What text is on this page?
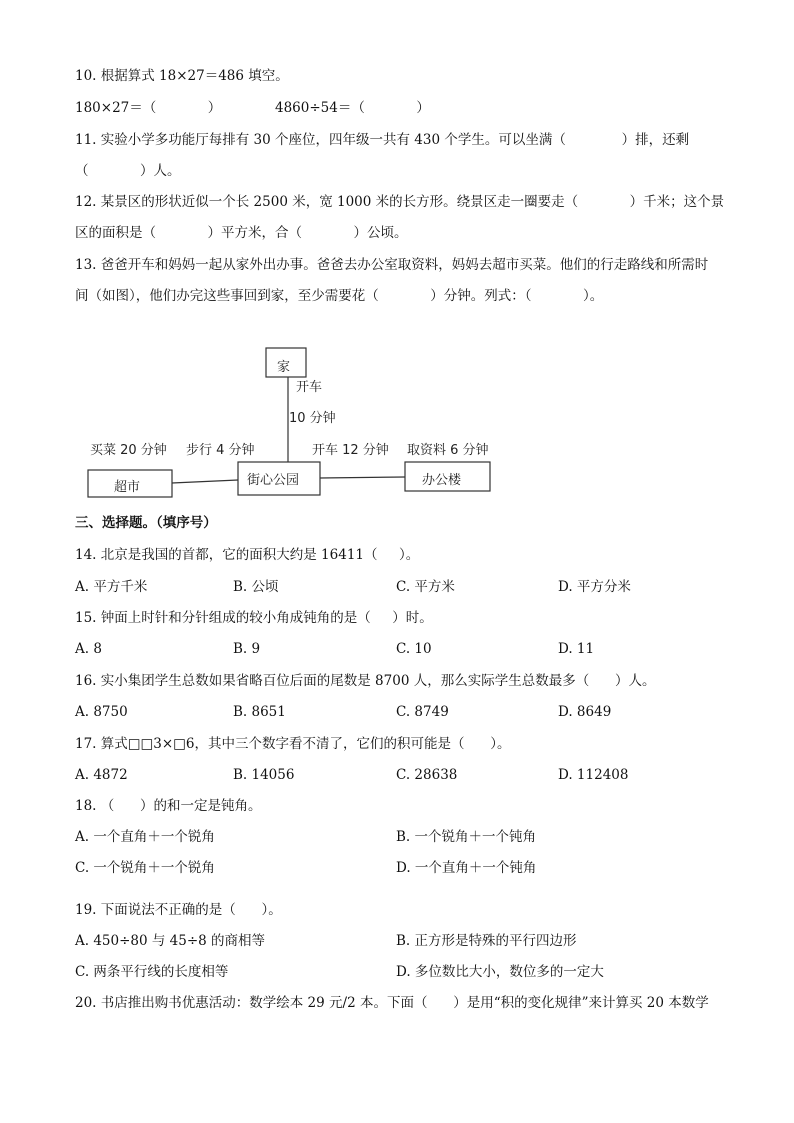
10. 根据算式 18×27＝486 填空。
180×27＝（            ）	4860÷54＝（            ）
11. 实验小学多功能厅每排有 30 个座位，四年级一共有 430 个学生。可以坐满（             ）排，还剩
（            ）人。
12. 某景区的形状近似一个长 2500 米，宽 1000 米的长方形。绕景区走一圈要走（            ）千米；这个景
区的面积是（            ）平方米，合（            ）公顷。
13. 爸爸开车和妈妈一起从家外出办事。爸爸去办公室取资料，妈妈去超市买菜。他们的行走路线和所需时
间（如图），他们办完这些事回到家，至少需要花（            ）分钟。列式：（            ）。
家
开车
10 分钟
买菜 20 分钟 步行 4 分钟	开车 12 分钟 取资料 6 分钟
超市	街心公园	办公楼
三、选择题。（填序号）
14. 北京是我国的首都，它的面积大约是 16411（     ）。
A. 平方千米	B. 公顷	C. 平方米	D. 平方分米
15. 钟面上时针和分针组成的较小角成钝角的是（     ）时。
A. 8	B. 9	C. 10	D. 11
16. 实小集团学生总数如果省略百位后面的尾数是 8700 人，那么实际学生总数最多（      ）人。
A. 8750	B. 8651	C. 8749	D. 8649
17. 算式□□3×□6，其中三个数字看不清了，它们的积可能是（      ）。
A. 4872	B. 14056	C. 28638	D. 112408
18. （      ）的和一定是钝角。
A. 一个直角＋一个锐角	B. 一个锐角＋一个钝角
C. 一个锐角＋一个锐角	D. 一个直角＋一个钝角
19. 下面说法不正确的是（      ）。
A. 450÷80 与 45÷8 的商相等	B. 正方形是特殊的平行四边形
C. 两条平行线的长度相等	D. 多位数比大小，数位多的一定大
20. 书店推出购书优惠活动：数学绘本 29 元/2 本。下面（      ）是用“积的变化规律”来计算买 20 本数学
